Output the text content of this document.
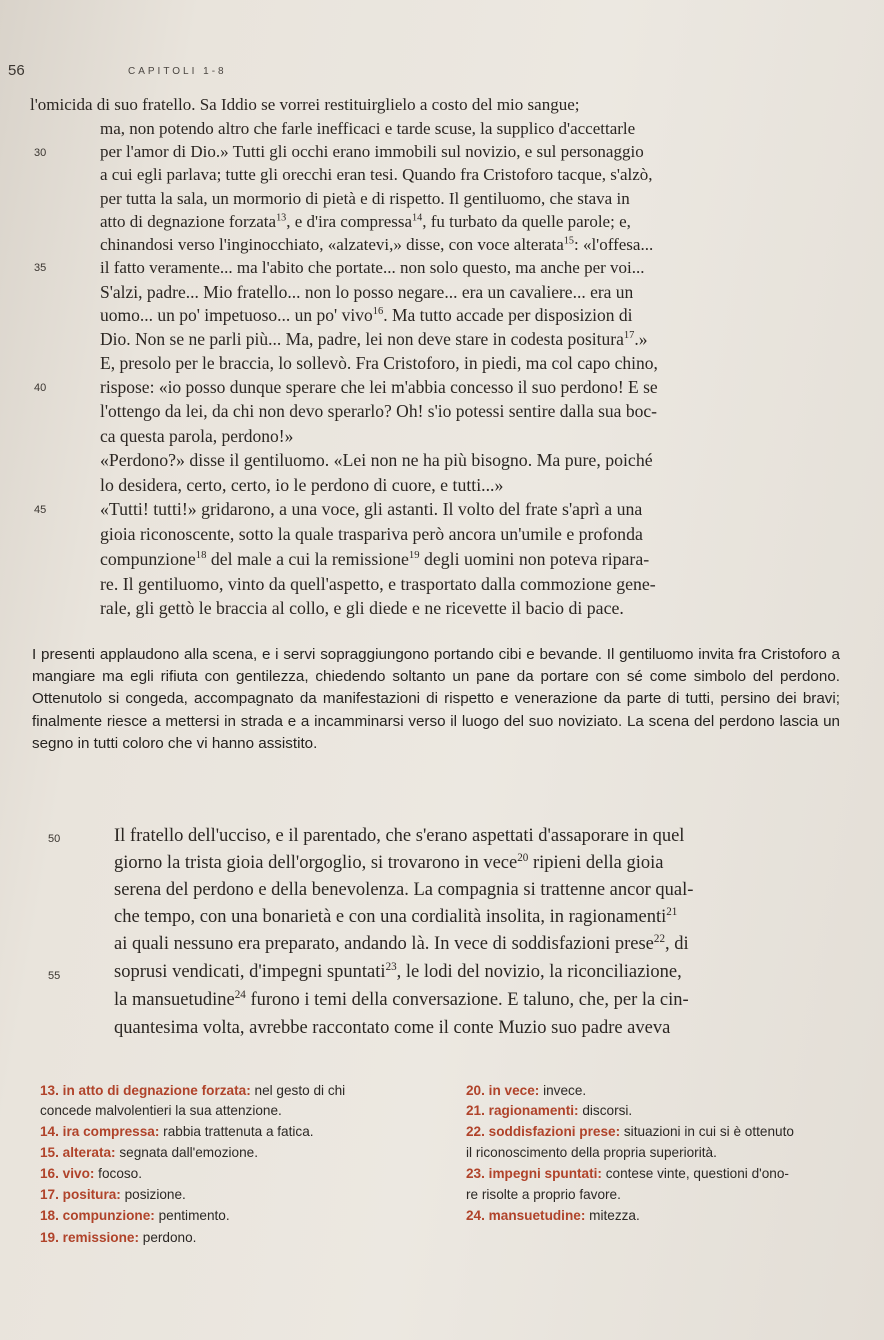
56	CAPITOLI 1-8
l'omicida di suo fratello. Sa Iddio se vorrei restituirglielo a costo del mio sangue;
ma, non potendo altro che farle inefficaci e tarde scuse, la supplico d'accettarle
30	per l'amor di Dio.» Tutti gli occhi erano immobili sul novizio, e sul personaggio
a cui egli parlava; tutte gli orecchi eran tesi. Quando fra Cristoforo tacque, s'alzò,
per tutta la sala, un mormorio di pietà e di rispetto. Il gentiluomo, che stava in
atto di degnazione forzata$^{13}$, e d'ira compressa$^{14}$, fu turbato da quelle parole; e,
chinandosi verso l'inginocchiato, «alzatevi,» disse, con voce alterata$^{15}$: «l'offesa...
35	il fatto veramente... ma l'abito che portate... non solo questo, ma anche per voi...
S'alzi, padre... Mio fratello... non lo posso negare... era un cavaliere... era un
uomo... un po' impetuoso... un po' vivo$^{16}$. Ma tutto accade per disposizion di
Dio. Non se ne parli più... Ma, padre, lei non deve stare in codesta positura$^{17}$.»
E, presolo per le braccia, lo sollevò. Fra Cristoforo, in piedi, ma col capo chino,
40	rispose: «io posso dunque sperare che lei m'abbia concesso il suo perdono! E se
l'ottengo da lei, da chi non devo sperarlo? Oh! s'io potessi sentire dalla sua boc-
ca questa parola, perdono!»
«Perdono?» disse il gentiluomo. «Lei non ne ha più bisogno. Ma pure, poiché
lo desidera, certo, certo, io le perdono di cuore, e tutti...»
45	«Tutti! tutti!» gridarono, a una voce, gli astanti. Il volto del frate s'aprì a una
gioia riconoscente, sotto la quale traspariva però ancora un'umile e profonda
compunzione$^{18}$ del male a cui la remissione$^{19}$ degli uomini non poteva ripara-
re. Il gentiluomo, vinto da quell'aspetto, e trasportato dalla commozione gene-
rale, gli gettò le braccia al collo, e gli diede e ne ricevette il bacio di pace.
I presenti applaudono alla scena, e i servi sopraggiungono portando cibi e bevande. Il gentiluomo invita fra Cristoforo a mangiare ma egli rifiuta con gentilezza, chiedendo soltanto un pane da portare con sé come simbolo del perdono. Ottenutolo si congeda, accompagnato da manifestazioni di rispetto e venerazione da parte di tutti, persino dei bravi; finalmente riesce a mettersi in strada e a incamminarsi verso il luogo del suo noviziato. La scena del perdono lascia un segno in tutti coloro che vi hanno assistito.
50	Il fratello dell'ucciso, e il parentado, che s'erano aspettati d'assaporare in quel
giorno la trista gioia dell'orgoglio, si trovarono in vece$^{20}$ ripieni della gioia
serena del perdono e della benevolenza. La compagnia si trattenne ancor qual-
che tempo, con una bonarietà e con una cordialità insolita, in ragionamenti$^{21}$
ai quali nessuno era preparato, andando là. In vece di soddisfazioni prese$^{22}$, di
55	soprusi vendicati, d'impegni spuntati$^{23}$, le lodi del novizio, la riconciliazione,
la mansuetudine$^{24}$ furono i temi della conversazione. E taluno, che, per la cin-
quantesima volta, avrebbe raccontato come il conte Muzio suo padre aveva
13. in atto di degnazione forzata: nel gesto di chi
concede malvolentieri la sua attenzione.
14. ira compressa: rabbia trattenuta a fatica.
15. alterata: segnata dall'emozione.
16. vivo: focoso.
17. positura: posizione.
18. compunzione: pentimento.
19. remissione: perdono.
20. in vece: invece.
21. ragionamenti: discorsi.
22. soddisfazioni prese: situazioni in cui si è ottenuto
il riconoscimento della propria superiorità.
23. impegni spuntati: contese vinte, questioni d'ono-
re risolte a proprio favore.
24. mansuetudine: mitezza.
